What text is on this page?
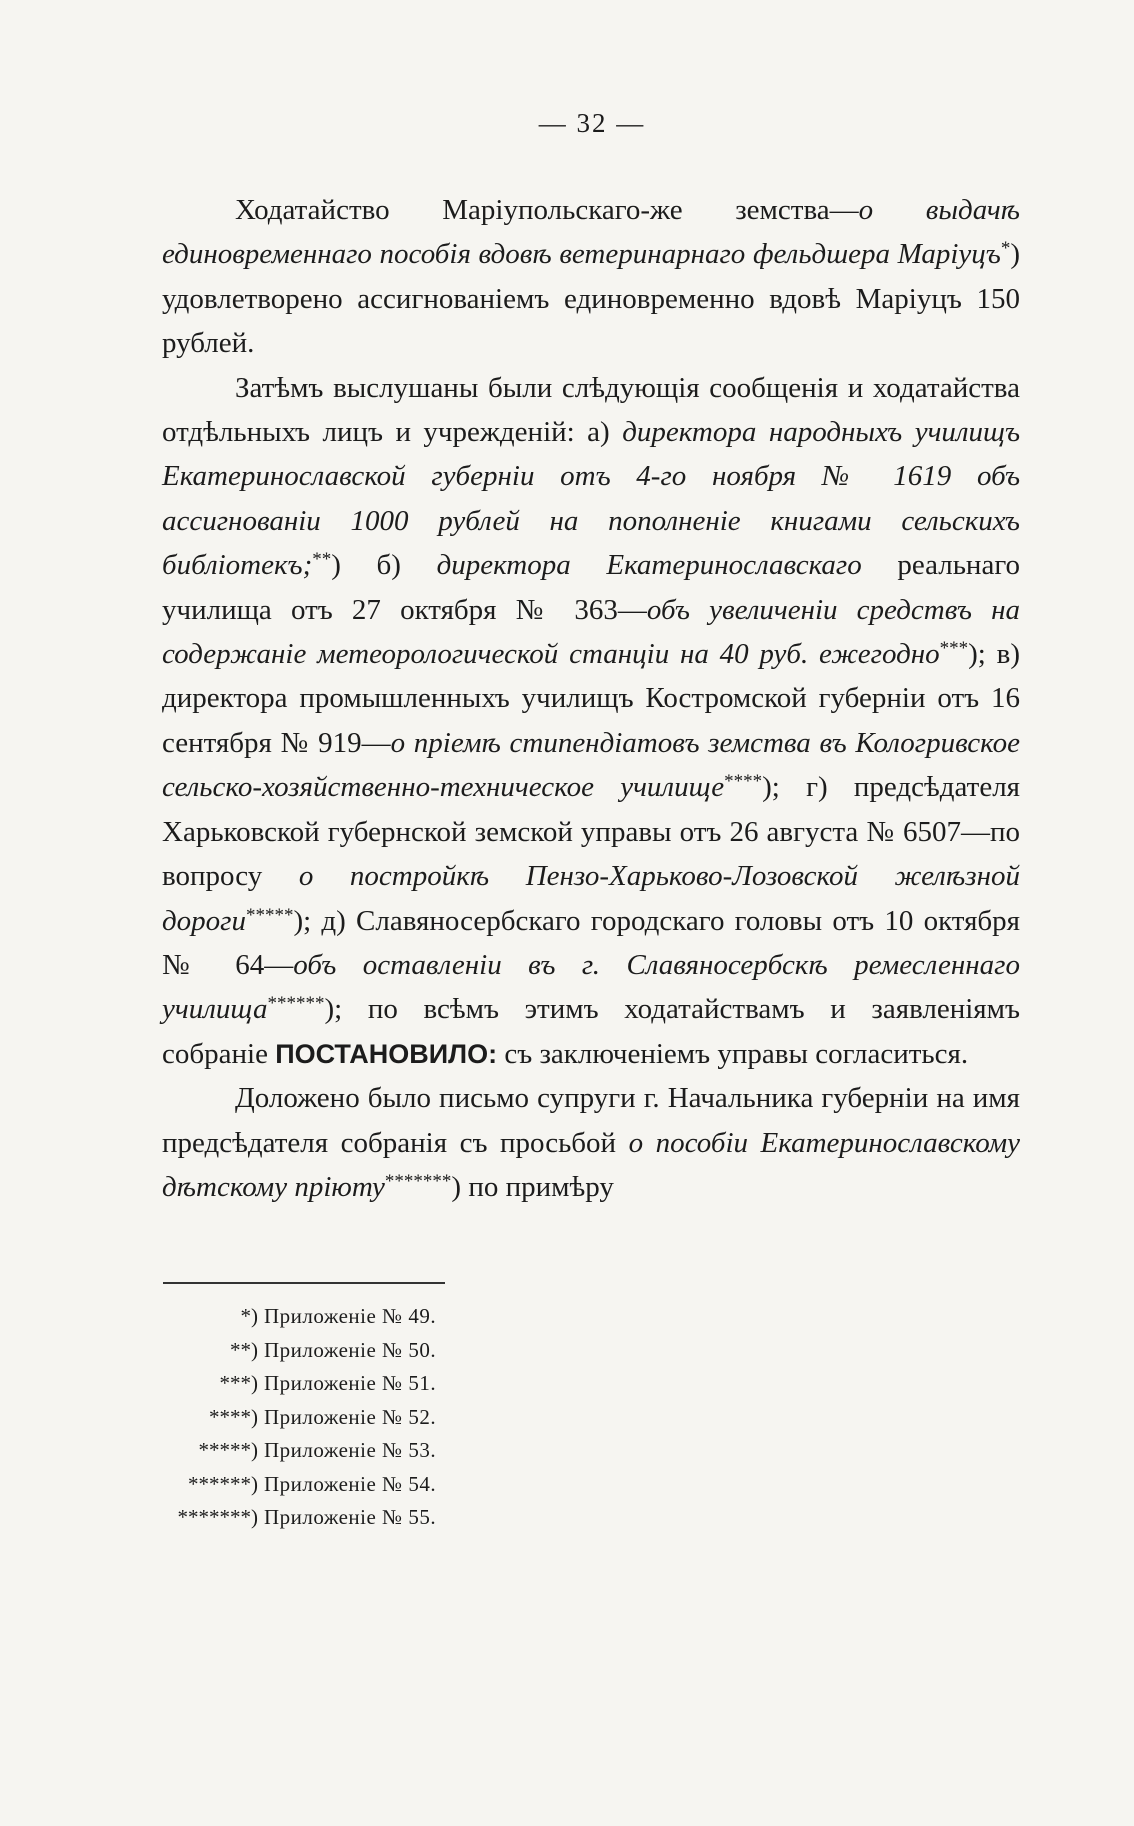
— 32 —

Ходатайство Маріупольскаго-же земства—о выдачѣ единовременнаго пособія вдовѣ ветеринарнаго фельдшера Маріуцъ*) удовлетворено ассигнованіемъ единовременно вдовѣ Маріуцъ 150 рублей.

Затѣмъ выслушаны были слѣдующія сообщенія и ходатайства отдѣльныхъ лицъ и учрежденій: а) директора народныхъ училищъ Екатеринославской губерніи отъ 4-го ноября № 1619 объ ассигнованіи 1000 рублей на пополненіе книгами сельскихъ библіотекъ;**) б) директора Екатеринославскаго реальнаго училища отъ 27 октября № 363—объ увеличеніи средствъ на содержаніе метеорологической станціи на 40 руб. ежегодно***); в) директора промышленныхъ училищъ Костромской губерніи отъ 16 сентября № 919—о пріемѣ стипендіатовъ земства въ Кологривское сельско-хозяйственно-техническое училище****); г) предсѣдателя Харьковской губернской земской управы отъ 26 августа № 6507—по вопросу о постройкѣ Пензо-Харьково-Лозовской желѣзной дороги*****); д) Славяносербскаго городскаго головы отъ 10 октября № 64—объ оставленіи въ г. Славяносербскѣ ремесленнаго училища******); по всѣмъ этимъ ходатайствамъ и заявленіямъ собраніе ПОСТАНОВИЛО: съ заключеніемъ управы согласиться.

Доложено было письмо супруги г. Начальника губерніи на имя предсѣдателя собранія съ просьбой о пособіи Екатеринославскому дѣтскому пріюту*******) по примѣру

*) Приложеніе № 49.
**) Приложеніе № 50.
***) Приложеніе № 51.
****) Приложеніе № 52.
*****) Приложеніе № 53.
******) Приложеніе № 54.
*******) Приложеніе № 55.
